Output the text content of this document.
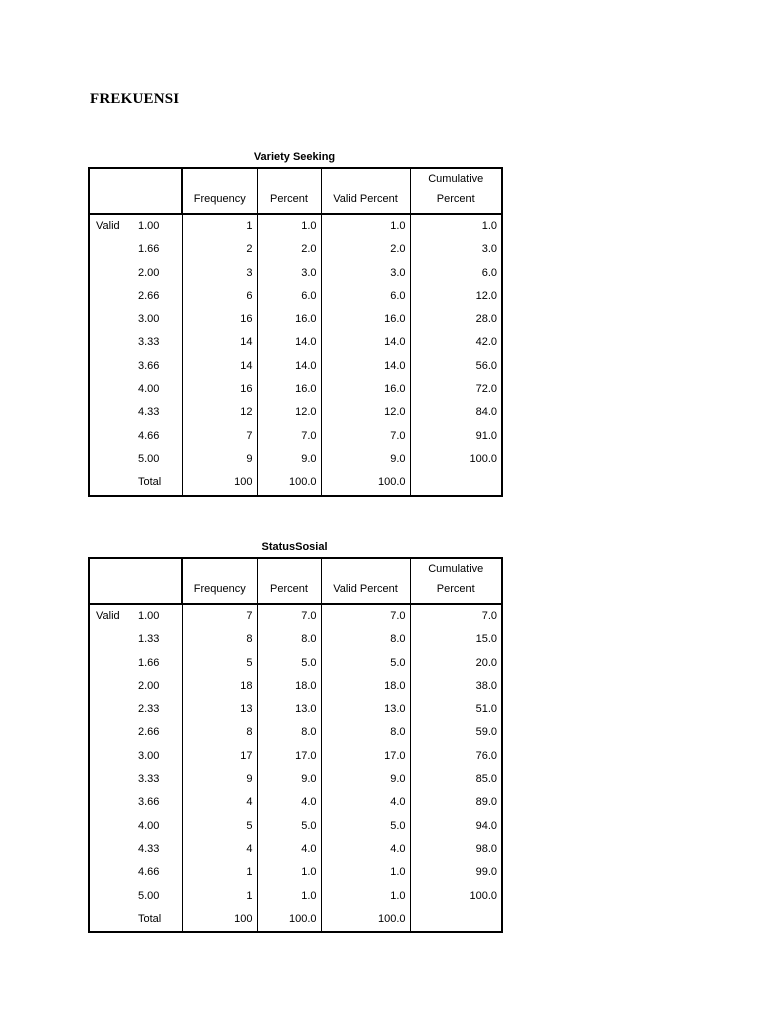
FREKUENSI
Variety Seeking
		Frequency	Percent	Valid Percent	Cumulative Percent
Valid	1.00	1	1.0	1.0	1.0
	1.66	2	2.0	2.0	3.0
	2.00	3	3.0	3.0	6.0
	2.66	6	6.0	6.0	12.0
	3.00	16	16.0	16.0	28.0
	3.33	14	14.0	14.0	42.0
	3.66	14	14.0	14.0	56.0
	4.00	16	16.0	16.0	72.0
	4.33	12	12.0	12.0	84.0
	4.66	7	7.0	7.0	91.0
	5.00	9	9.0	9.0	100.0
	Total	100	100.0	100.0	
StatusSosial
		Frequency	Percent	Valid Percent	Cumulative Percent
Valid	1.00	7	7.0	7.0	7.0
	1.33	8	8.0	8.0	15.0
	1.66	5	5.0	5.0	20.0
	2.00	18	18.0	18.0	38.0
	2.33	13	13.0	13.0	51.0
	2.66	8	8.0	8.0	59.0
	3.00	17	17.0	17.0	76.0
	3.33	9	9.0	9.0	85.0
	3.66	4	4.0	4.0	89.0
	4.00	5	5.0	5.0	94.0
	4.33	4	4.0	4.0	98.0
	4.66	1	1.0	1.0	99.0
	5.00	1	1.0	1.0	100.0
	Total	100	100.0	100.0	
